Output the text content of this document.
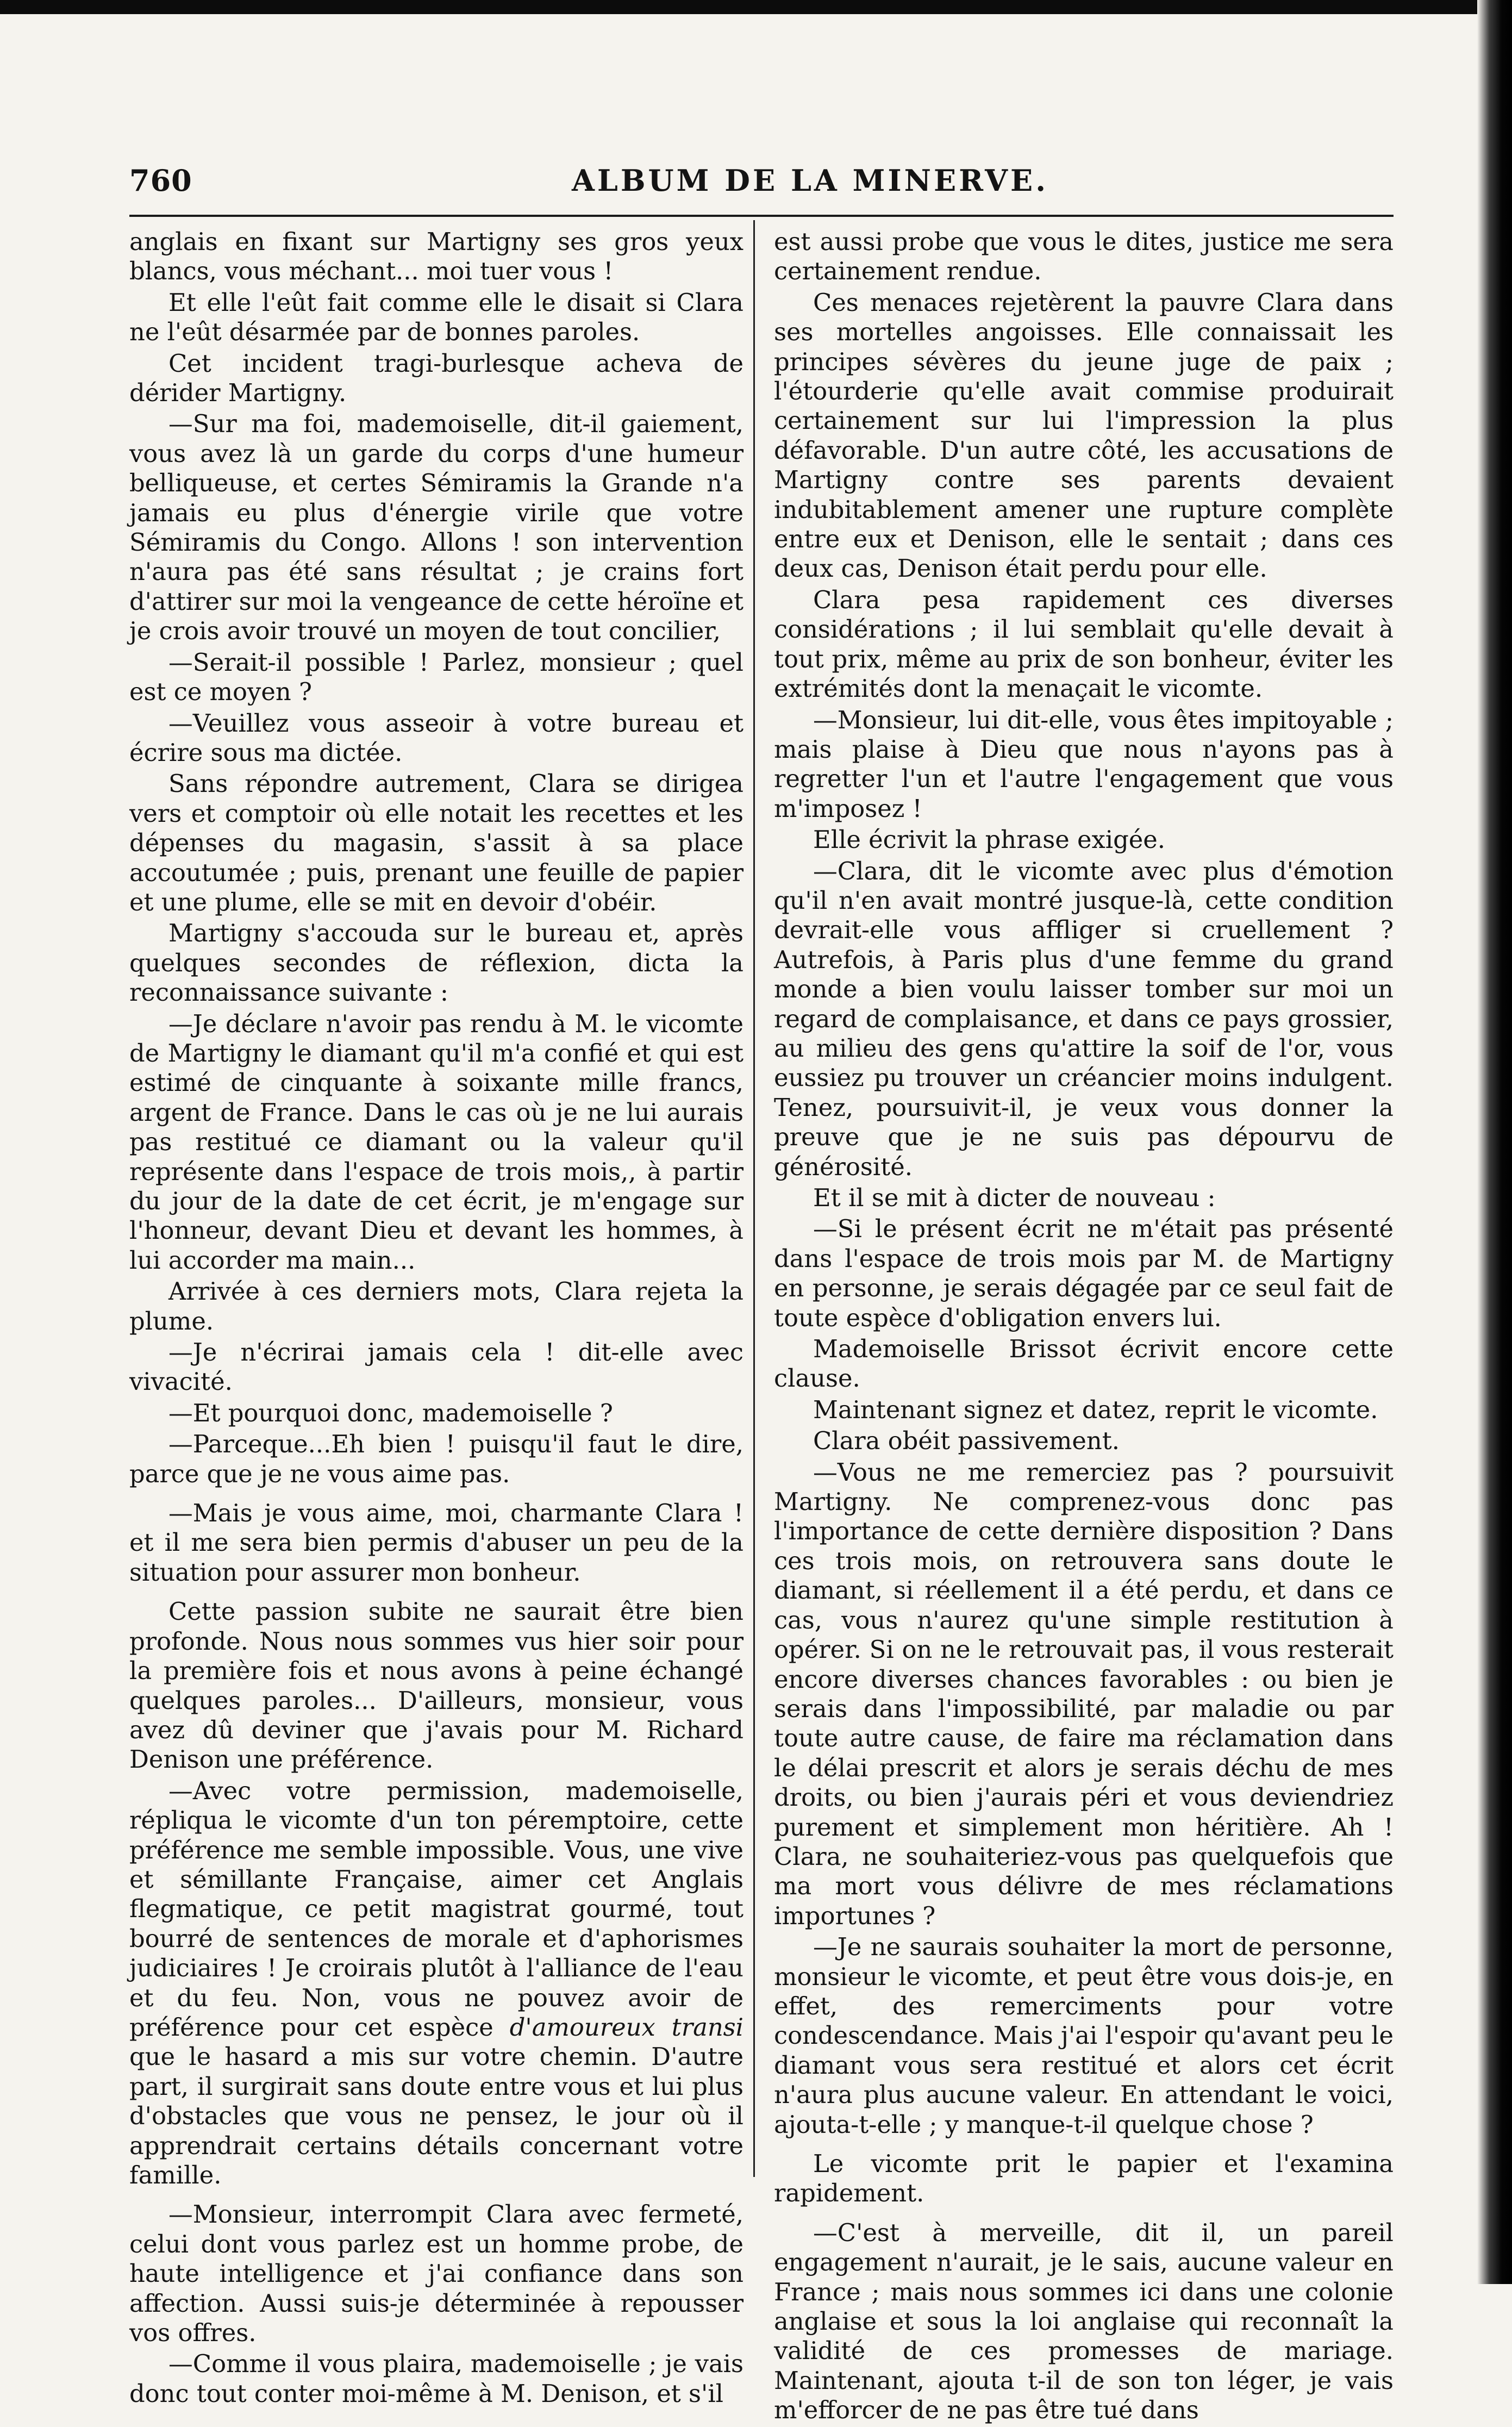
760	ALBUM DE LA MINERVE.

anglais en fixant sur Martigny ses gros yeux blancs, vous méchant... moi tuer vous !

Et elle l'eût fait comme elle le disait si Clara ne l'eût désarmée par de bonnes paroles.

Cet incident tragi-burlesque acheva de dérider Martigny.

—Sur ma foi, mademoiselle, dit-il gaiement, vous avez là un garde du corps d'une humeur belliqueuse, et certes Sémiramis la Grande n'a jamais eu plus d'énergie virile que votre Sémiramis du Congo. Allons ! son intervention n'aura pas été sans résultat ; je crains fort d'attirer sur moi la vengeance de cette héroïne et je crois avoir trouvé un moyen de tout concilier,

—Serait-il possible ! Parlez, monsieur ; quel est ce moyen ?

—Veuillez vous asseoir à votre bureau et écrire sous ma dictée.

Sans répondre autrement, Clara se dirigea vers et comptoir où elle notait les recettes et les dépenses du magasin, s'assit à sa place accoutumée ; puis, prenant une feuille de papier et une plume, elle se mit en devoir d'obéir.

Martigny s'accouda sur le bureau et, après quelques secondes de réflexion, dicta la reconnaissance suivante :

—Je déclare n'avoir pas rendu à M. le vicomte de Martigny le diamant qu'il m'a confié et qui est estimé de cinquante à soixante mille francs, argent de France. Dans le cas où je ne lui aurais pas restitué ce diamant ou la valeur qu'il représente dans l'espace de trois mois,, à partir du jour de la date de cet écrit, je m'engage sur l'honneur, devant Dieu et devant les hommes, à lui accorder ma main...

Arrivée à ces derniers mots, Clara rejeta la plume.

—Je n'écrirai jamais cela ! dit-elle avec vivacité.

—Et pourquoi donc, mademoiselle ?

—Parceque...Eh bien ! puisqu'il faut le dire, parce que je ne vous aime pas.

—Mais je vous aime, moi, charmante Clara ! et il me sera bien permis d'abuser un peu de la situation pour assurer mon bonheur.

Cette passion subite ne saurait être bien profonde. Nous nous sommes vus hier soir pour la première fois et nous avons à peine échangé quelques paroles... D'ailleurs, monsieur, vous avez dû deviner que j'avais pour M. Richard Denison une préférence.

—Avec votre permission, mademoiselle, répliqua le vicomte d'un ton péremptoire, cette préférence me semble impossible. Vous, une vive et sémillante Française, aimer cet Anglais flegmatique, ce petit magistrat gourmé, tout bourré de sentences de morale et d'aphorismes judiciaires ! Je croirais plutôt à l'alliance de l'eau et du feu. Non, vous ne pouvez avoir de préférence pour cet espèce d'amoureux transi que le hasard a mis sur votre chemin. D'autre part, il surgirait sans doute entre vous et lui plus d'obstacles que vous ne pensez, le jour où il apprendrait certains détails concernant votre famille.

—Monsieur, interrompit Clara avec fermeté, celui dont vous parlez est un homme probe, de haute intelligence et j'ai confiance dans son affection. Aussi suis-je déterminée à repousser vos offres.

—Comme il vous plaira, mademoiselle ; je vais donc tout conter moi-même à M. Denison, et s'il

est aussi probe que vous le dites, justice me sera certainement rendue.

Ces menaces rejetèrent la pauvre Clara dans ses mortelles angoisses. Elle connaissait les principes sévères du jeune juge de paix ; l'étourderie qu'elle avait commise produirait certainement sur lui l'impression la plus défavorable. D'un autre côté, les accusations de Martigny contre ses parents devaient indubitablement amener une rupture complète entre eux et Denison, elle le sentait ; dans ces deux cas, Denison était perdu pour elle.

Clara pesa rapidement ces diverses considérations ; il lui semblait qu'elle devait à tout prix, même au prix de son bonheur, éviter les extrémités dont la menaçait le vicomte.

—Monsieur, lui dit-elle, vous êtes impitoyable ; mais plaise à Dieu que nous n'ayons pas à regretter l'un et l'autre l'engagement que vous m'imposez !

Elle écrivit la phrase exigée.

—Clara, dit le vicomte avec plus d'émotion qu'il n'en avait montré jusque-là, cette condition devrait-elle vous affliger si cruellement ? Autrefois, à Paris plus d'une femme du grand monde a bien voulu laisser tomber sur moi un regard de complaisance, et dans ce pays grossier, au milieu des gens qu'attire la soif de l'or, vous eussiez pu trouver un créancier moins indulgent. Tenez, poursuivit-il, je veux vous donner la preuve que je ne suis pas dépourvu de générosité.

Et il se mit à dicter de nouveau :

—Si le présent écrit ne m'était pas présenté dans l'espace de trois mois par M. de Martigny en personne, je serais dégagée par ce seul fait de toute espèce d'obligation envers lui.

Mademoiselle Brissot écrivit encore cette clause.

Maintenant signez et datez, reprit le vicomte.

Clara obéit passivement.

—Vous ne me remerciez pas ? poursuivit Martigny. Ne comprenez-vous donc pas l'importance de cette dernière disposition ? Dans ces trois mois, on retrouvera sans doute le diamant, si réellement il a été perdu, et dans ce cas, vous n'aurez qu'une simple restitution à opérer. Si on ne le retrouvait pas, il vous resterait encore diverses chances favorables : ou bien je serais dans l'impossibilité, par maladie ou par toute autre cause, de faire ma réclamation dans le délai prescrit et alors je serais déchu de mes droits, ou bien j'aurais péri et vous deviendriez purement et simplement mon héritière. Ah ! Clara, ne souhaiteriez-vous pas quelquefois que ma mort vous délivre de mes réclamations importunes ?

—Je ne saurais souhaiter la mort de personne, monsieur le vicomte, et peut être vous dois-je, en effet, des remerciments pour votre condescendance. Mais j'ai l'espoir qu'avant peu le diamant vous sera restitué et alors cet écrit n'aura plus aucune valeur. En attendant le voici, ajouta-t-elle ; y manque-t-il quelque chose ?

Le vicomte prit le papier et l'examina rapidement.

—C'est à merveille, dit il, un pareil engagement n'aurait, je le sais, aucune valeur en France ; mais nous sommes ici dans une colonie anglaise et sous la loi anglaise qui reconnaît la validité de ces promesses de mariage. Maintenant, ajouta t-il de son ton léger, je vais m'efforcer de ne pas être tué dans
